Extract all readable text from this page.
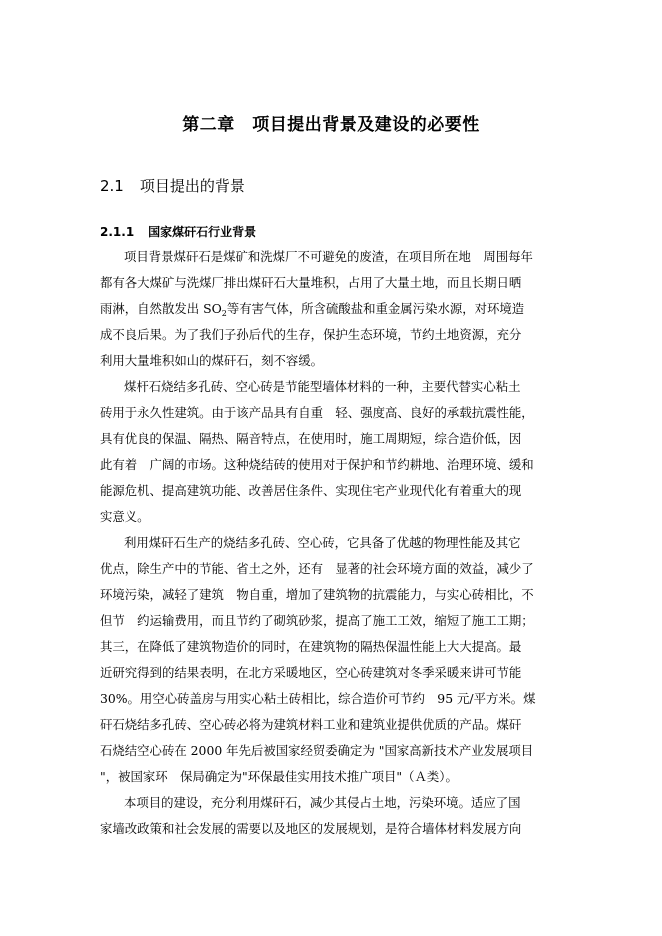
第二章　项目提出背景及建设的必要性
2.1 项目提出的背景
2.1.1 国家煤矸石行业背景
项目背景煤矸石是煤矿和洗煤厂不可避免的废渣，在项目所在地　周围每年
都有各大煤矿与洗煤厂排出煤矸石大量堆积，占用了大量土地，而且长期日晒
雨淋，自然散发出 $SO_2$等有害气体，所含硫酸盐和重金属污染水源，对环境造
成不良后果。为了我们子孙后代的生存，保护生态环境，节约土地资源，充分
利用大量堆积如山的煤矸石，刻不容缓。
煤杆石烧结多孔砖、空心砖是节能型墙体材料的一种，主要代替实心粘土
砖用于永久性建筑。由于该产品具有自重　轻、强度高、良好的承载抗震性能，
具有优良的保温、隔热、隔音特点，在使用时，施工周期短，综合造价低，因
此有着　广阔的市场。这种烧结砖的使用对于保护和节约耕地、治理环境、缓和
能源危机、提高建筑功能、改善居住条件、实现住宅产业现代化有着重大的现
实意义。
利用煤矸石生产的烧结多孔砖、空心砖，它具备了优越的物理性能及其它
优点，除生产中的节能、省土之外，还有　显著的社会环境方面的效益，减少了
环境污染，减轻了建筑　物自重，增加了建筑物的抗震能力，与实心砖相比，不
但节　约运输费用，而且节约了砌筑砂浆，提高了施工工效，缩短了施工工期；
其三，在降低了建筑物造价的同时，在建筑物的隔热保温性能上大大提高。最
近研究得到的结果表明，在北方采暖地区，空心砖建筑对冬季采暖来讲可节能
30%。用空心砖盖房与用实心粘土砖相比，综合造价可节约　95 元/平方米。煤
矸石烧结多孔砖、空心砖必将为建筑材料工业和建筑业提供优质的产品。煤矸
石烧结空心砖在 2000 年先后被国家经贸委确定为 "国家高新技术产业发展项目
"，被国家环　保局确定为"环保最佳实用技术推广项目"（Ａ类）。
本项目的建设，充分利用煤矸石，减少其侵占土地，污染环境。适应了国
家墙改政策和社会发展的需要以及地区的发展规划，是符合墙体材料发展方向
